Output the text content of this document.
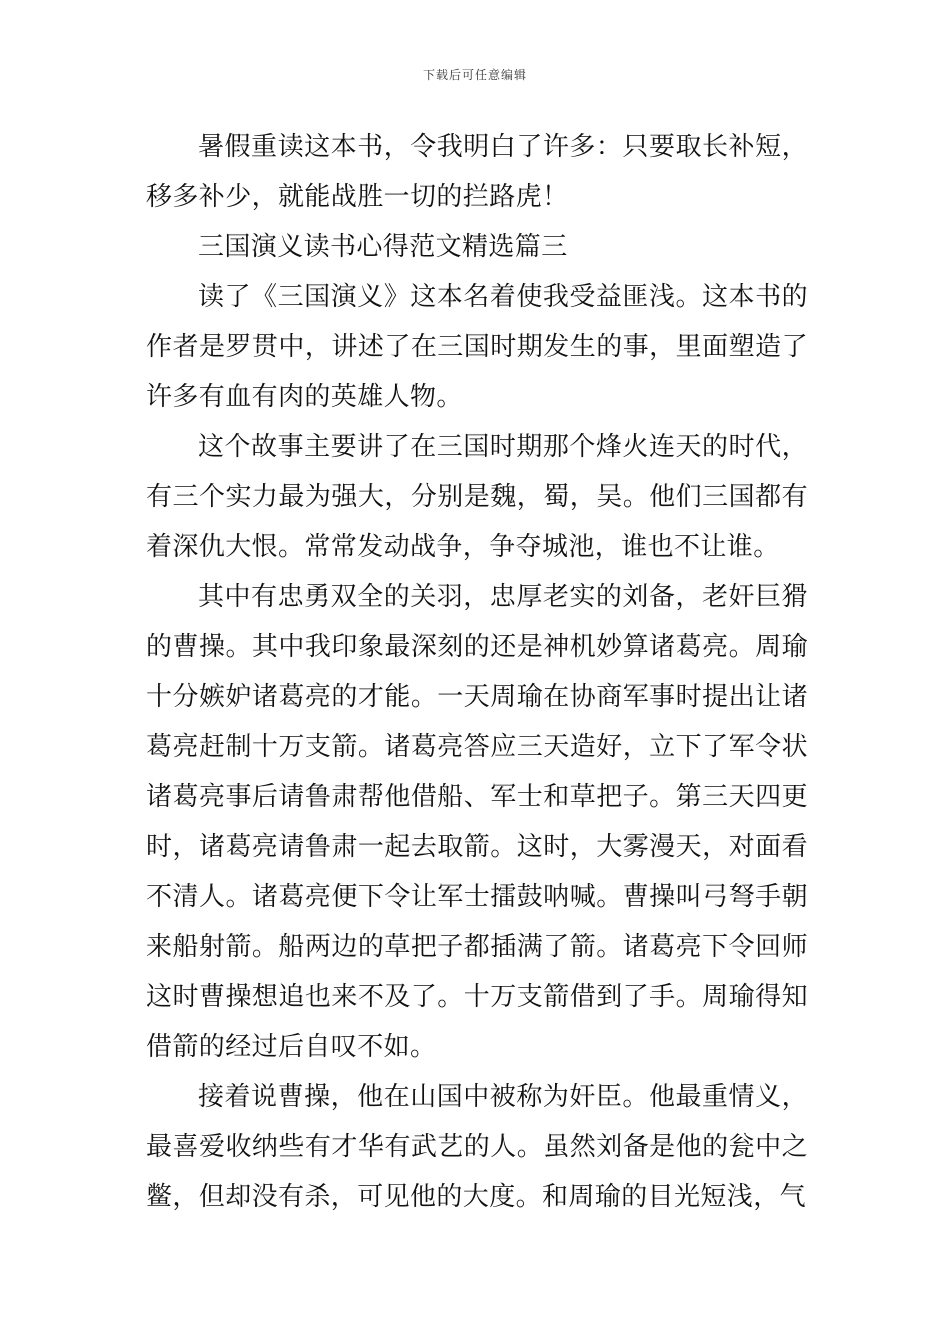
下载后可任意编辑

暑假重读这本书，令我明白了许多：只要取长补短，移多补少，就能战胜一切的拦路虎！

三国演义读书心得范文精选篇三

读了《三国演义》这本名着使我受益匪浅。这本书的作者是罗贯中，讲述了在三国时期发生的事，里面塑造了许多有血有肉的英雄人物。

这个故事主要讲了在三国时期那个烽火连天的时代，有三个实力最为强大，分别是魏，蜀，吴。他们三国都有着深仇大恨。常常发动战争，争夺城池，谁也不让谁。

其中有忠勇双全的关羽，忠厚老实的刘备，老奸巨猾的曹操。其中我印象最深刻的还是神机妙算诸葛亮。周瑜十分嫉妒诸葛亮的才能。一天周瑜在协商军事时提出让诸葛亮赶制十万支箭。诸葛亮答应三天造好，立下了军令状诸葛亮事后请鲁肃帮他借船、军士和草把子。第三天四更时，诸葛亮请鲁肃一起去取箭。这时，大雾漫天，对面看不清人。诸葛亮便下令让军士擂鼓呐喊。曹操叫弓弩手朝来船射箭。船两边的草把子都插满了箭。诸葛亮下令回师这时曹操想追也来不及了。十万支箭借到了手。周瑜得知借箭的经过后自叹不如。

接着说曹操，他在山国中被称为奸臣。他最重情义，最喜爱收纳些有才华有武艺的人。虽然刘备是他的瓮中之鳖，但却没有杀，可见他的大度。和周瑜的目光短浅，气
